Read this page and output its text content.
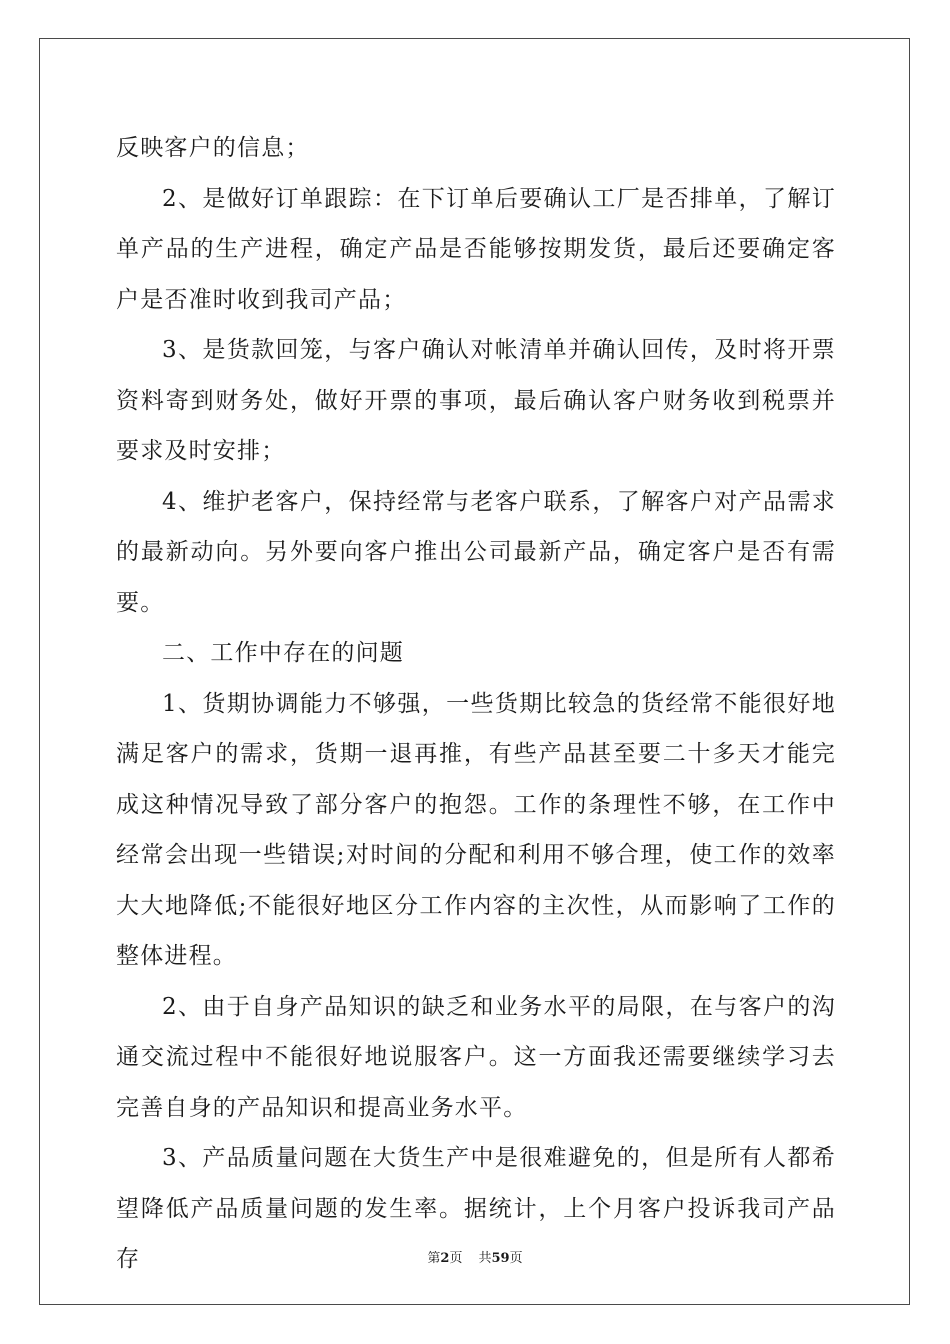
反映客户的信息；

2、是做好订单跟踪：在下订单后要确认工厂是否排单，了解订单产品的生产进程，确定产品是否能够按期发货，最后还要确定客户是否准时收到我司产品；

3、是货款回笼，与客户确认对帐清单并确认回传，及时将开票资料寄到财务处，做好开票的事项，最后确认客户财务收到税票并要求及时安排；

4、维护老客户，保持经常与老客户联系，了解客户对产品需求的最新动向。另外要向客户推出公司最新产品，确定客户是否有需要。

二、工作中存在的问题

1、货期协调能力不够强，一些货期比较急的货经常不能很好地满足客户的需求，货期一退再推，有些产品甚至要二十多天才能完成这种情况导致了部分客户的抱怨。工作的条理性不够，在工作中经常会出现一些错误;对时间的分配和利用不够合理，使工作的效率大大地降低;不能很好地区分工作内容的主次性，从而影响了工作的整体进程。

2、由于自身产品知识的缺乏和业务水平的局限，在与客户的沟通交流过程中不能很好地说服客户。这一方面我还需要继续学习去完善自身的产品知识和提高业务水平。

3、产品质量问题在大货生产中是很难避免的，但是所有人都希望降低产品质量问题的发生率。据统计，上个月客户投诉我司产品存	第2页 共59页
